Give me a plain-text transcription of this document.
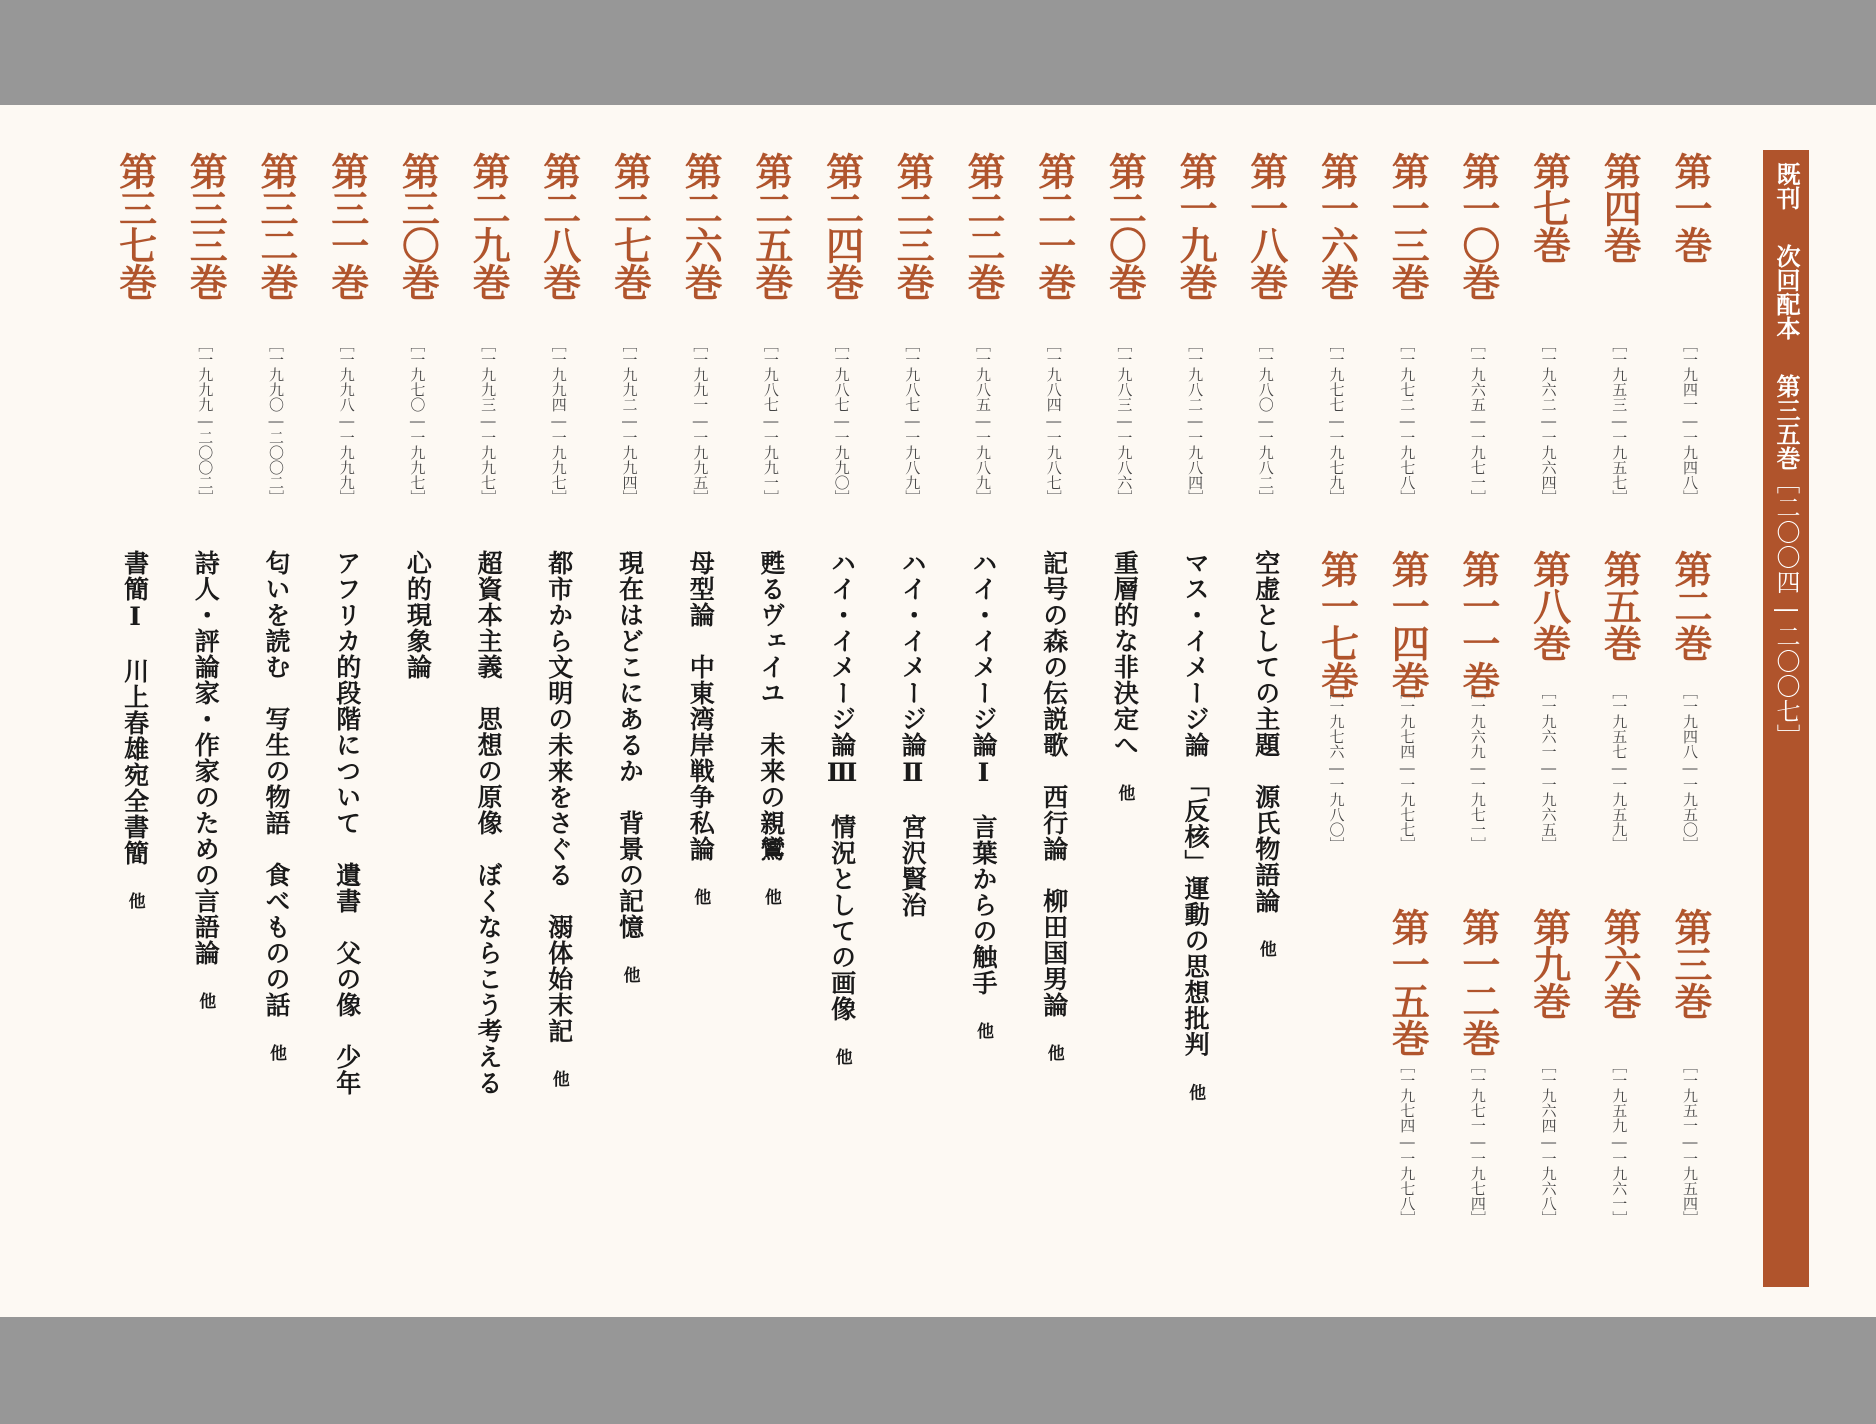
既刊次回配本第三五巻［二〇〇四―二〇〇七］
第一巻
［一九四一―一九四八］
第四巻
［一九五三―一九五七］
第七巻
［一九六二―一九六四］
第一〇巻
［一九六五―一九七一］
第一三巻
［一九七二―一九七八］
第一六巻
［一九七七―一九七九］
第一八巻
［一九八〇―一九八二］
空虚としての主題　源氏物語論　他
第一九巻
［一九八二―一九八四］
マス・イメージ論　「反核」運動の思想批判　他
第二〇巻
［一九八三―一九八六］
重層的な非決定へ　他
第二一巻
［一九八四―一九八七］
記号の森の伝説歌　西行論　柳田国男論　他
第二二巻
［一九八五―一九八九］
ハイ・イメージ論Ⅰ　言葉からの触手　他
第二三巻
［一九八七―一九八九］
ハイ・イメージ論Ⅱ　宮沢賢治
第二四巻
［一九八七―一九九〇］
ハイ・イメージ論Ⅲ　情況としての画像　他
第二五巻
［一九八七―一九九一］
甦るヴェイユ　未来の親鸞　他
第二六巻
［一九九一―一九九五］
母型論　中東湾岸戦争私論　他
第二七巻
［一九九二―一九九四］
現在はどこにあるか　背景の記憶　他
第二八巻
［一九九四―一九九七］
都市から文明の未来をさぐる　溺体始末記　他
第二九巻
［一九九三―一九九七］
超資本主義　思想の原像　ぼくならこう考える
第三〇巻
［一九七〇―一九九七］
心的現象論
第三一巻
［一九九八―一九九九］
アフリカ的段階について　遺書　父の像　少年
第三二巻
［一九九〇―二〇〇二］
匂いを読む　写生の物語　食べものの話　他
第三三巻
［一九九九―二〇〇二］
詩人・評論家・作家のための言語論　他
第三七巻
書簡Ⅰ　川上春雄宛全書簡　他
第二巻
［一九四八―一九五〇］
第五巻
［一九五七―一九五九］
第八巻
［一九六一―一九六五］
第一一巻
［一九六九―一九七一］
第一四巻
［一九七四―一九七七］
第一七巻
［一九七六―一九八〇］
第三巻
［一九五一―一九五四］
第六巻
［一九五九―一九六一］
第九巻
［一九六四―一九六八］
第一二巻
［一九七一―一九七四］
第一五巻
［一九七四―一九七八］
